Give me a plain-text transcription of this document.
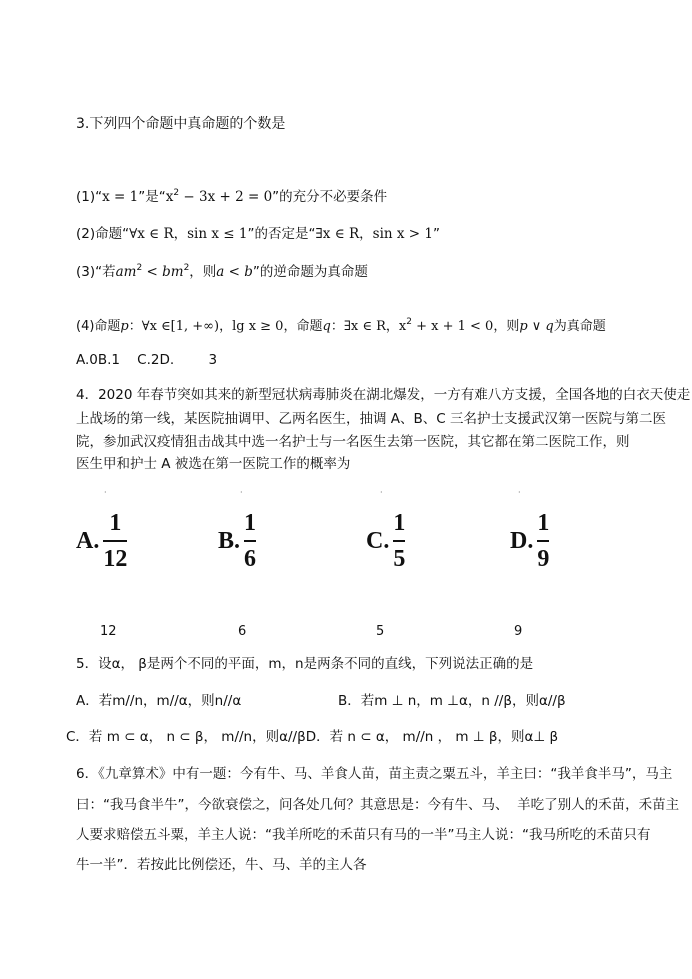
3.下列四个命题中真命题的个数是
(1)“x = 1”是“$x^2 - 3x + 2 = 0$”的充分不必要条件
(2)命题“∀x ∈ R，sin x ≤ 1”的否定是“∃x ∈ R，sin x > 1”
(3)“若$am^2 < bm^2$，则a < b”的逆命题为真命题
(4)命题p：∀x ∈[1, +∞)，lg x ≥ 0，命题q：∃x ∈ R，$x^2 + x + 1 < 0$，则p ∨ q为真命题
A.0B.1    C.2D.        3
4．2020 年春节突如其来的新型冠状病毒肺炎在湖北爆发，一方有难八方支援，全国各地的白衣天使走
上战场的第一线，某医院抽调甲、乙两名医生，抽调 A、B、C 三名护士支援武汉第一医院与第二医
院，参加武汉疫情狙击战其中选一名护士与一名医生去第一医院，其它都在第二医院工作，则
医生甲和护士 A 被选在第一医院工作的概率为
·	·	·	·
A. $\frac{1}{12}$	B. $\frac{1}{6}$	C. $\frac{1}{5}$	D. $\frac{1}{9}$
12	6	5	9
5．设α， β是两个不同的平面，m，n是两条不同的直线，下列说法正确的是
A．若m//n，m//α，则n//α	B．若m ⊥ n，m ⊥α，n //β，则α//β
C．若 m ⊂ α， n ⊂ β， m//n，则α//βD．若 n ⊂ α， m//n ， m ⊥ β，则α⊥ β
6．《九章算术》中有一题：今有牛、马、羊食人苗，苗主责之粟五斗，羊主曰：“我羊食半马”，马主
曰：“我马食半牛”，今欲衰偿之，问各处几何？其意思是：今有牛、马、  羊吃了别人的禾苗，禾苗主
人要求赔偿五斗粟，羊主人说：“我羊所吃的禾苗只有马的一半”马主人说：“我马所吃的禾苗只有
牛一半”．若按此比例偿还，牛、马、羊的主人各
